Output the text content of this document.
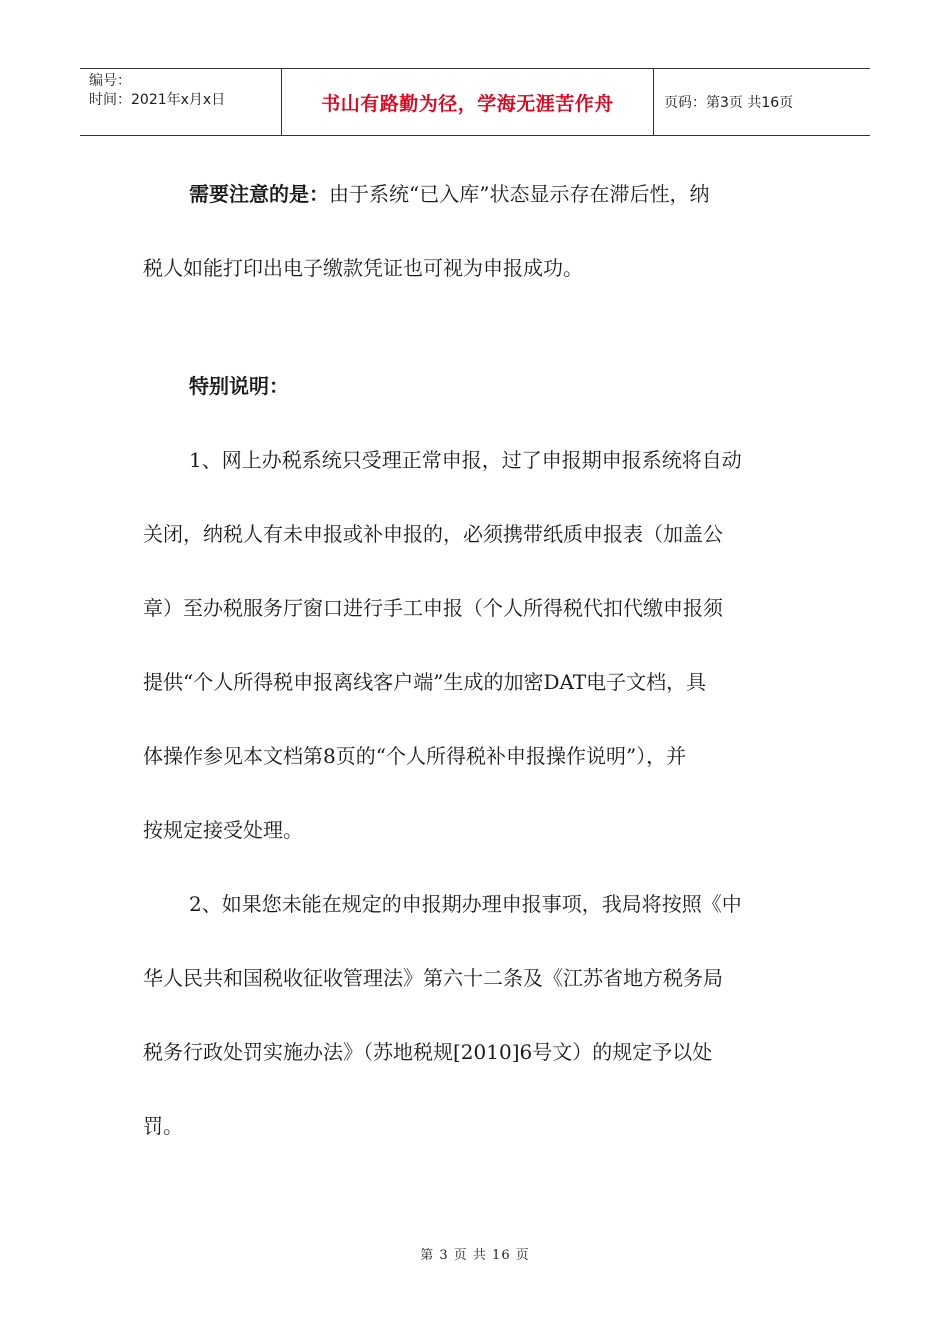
编号：
时间：2021年x月x日	书山有路勤为径，学海无涯苦作舟	页码：第3页 共16页
需要注意的是：由于系统“已入库”状态显示存在滞后性，纳
税人如能打印出电子缴款凭证也可视为申报成功。
特别说明：
1、网上办税系统只受理正常申报，过了申报期申报系统将自动
关闭，纳税人有未申报或补申报的，必须携带纸质申报表（加盖公
章）至办税服务厅窗口进行手工申报（个人所得税代扣代缴申报须
提供“个人所得税申报离线客户端”生成的加密DAT电子文档，具
体操作参见本文档第8页的“个人所得税补申报操作说明”），并
按规定接受处理。
2、如果您未能在规定的申报期办理申报事项，我局将按照《中
华人民共和国税收征收管理法》第六十二条及《江苏省地方税务局
税务行政处罚实施办法》（苏地税规[2010]6号文）的规定予以处
罚。
第 3 页 共 16 页
